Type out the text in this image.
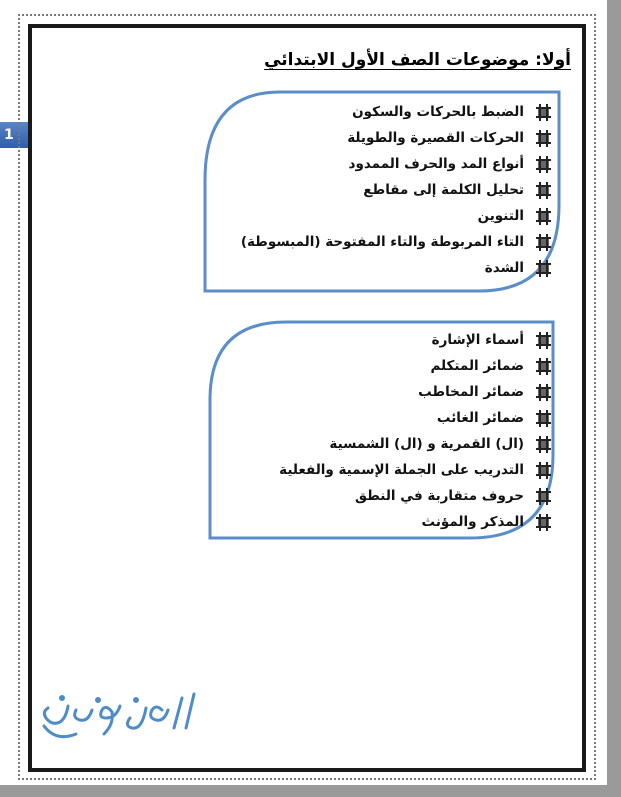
1
أولا: موضوعات الصف الأول الابتدائي
الضبط بالحركات والسكون
الحركات القصيرة والطويلة
أنواع المد والحرف الممدود
تحليل الكلمة إلى مقاطع
التنوين
التاء المربوطة والتاء المفتوحة (المبسوطة)
الشدة
أسماء الإشارة
ضمائر المتكلم
ضمائر المخاطب
ضمائر الغائب
(ال) القمرية و (ال) الشمسية
التدريب على الجملة الإسمية والفعلية
حروف متقاربة في النطق
المذكر والمؤنث
